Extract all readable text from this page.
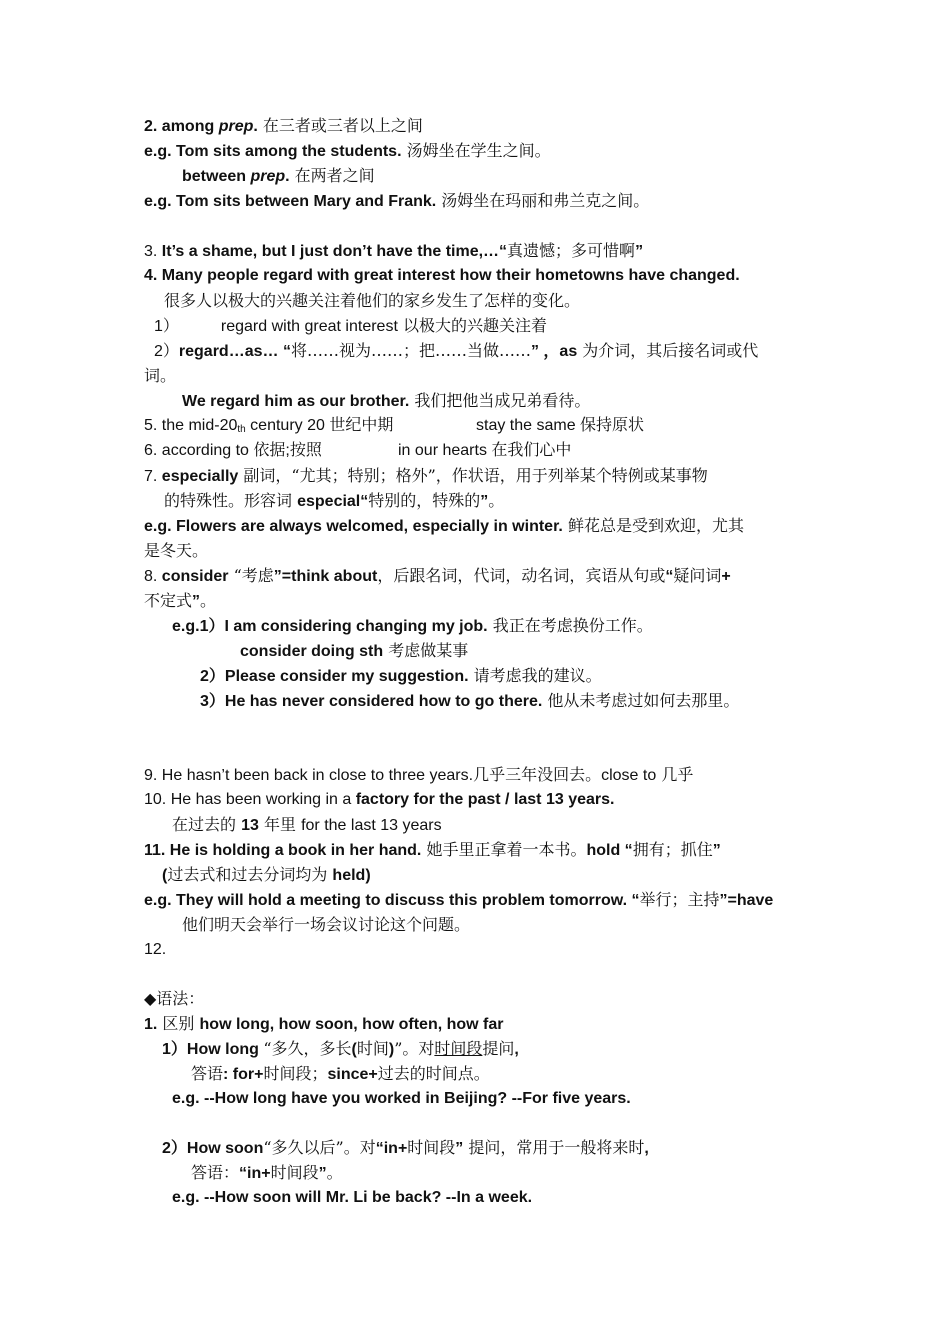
2. among prep. 在三者或三者以上之间
e.g. Tom sits among the students. 汤姆坐在学生之间。
between prep. 在两者之间
e.g. Tom sits between Mary and Frank. 汤姆坐在玛丽和弗兰克之间。
3. It’s a shame, but I just don’t have the time,…“真遗憾；多可惜啊”
4. Many people regard with great interest how their hometowns have changed.
很多人以极大的兴趣关注着他们的家乡发生了怎样的变化。
1）	regard with great interest 以极大的兴趣关注着
2）regard…as… “将……视为……；把……当做……” ，as 为介词，其后接名词或代
词。
We regard him as our brother. 我们把他当成兄弟看待。
5. the mid-20th century 20 世纪中期	stay the same 保持原状
6. according to 依据;按照	in our hearts 在我们心中
7. especially 副词，“尤其；特别；格外”，作状语，用于列举某个特例或某事物
的特殊性。形容词 especial“特别的，特殊的”。
e.g. Flowers are always welcomed, especially in winter. 鲜花总是受到欢迎，尤其
是冬天。
8. consider “考虑”=think about，后跟名词，代词，动名词，宾语从句或“疑问词+
不定式”。
e.g.1）I am considering changing my job. 我正在考虑换份工作。
consider doing sth 考虑做某事
2）Please consider my suggestion. 请考虑我的建议。
3）He has never considered how to go there. 他从未考虑过如何去那里。
9. He hasn’t been back in close to three years.几乎三年没回去。close to 几乎
10. He has been working in a factory for the past / last 13 years.
在过去的 13 年里 for the last 13 years
11. He is holding a book in her hand. 她手里正拿着一本书。hold “拥有；抓住”
(过去式和过去分词均为 held)
e.g. They will hold a meeting to discuss this problem tomorrow. “举行；主持”=have
他们明天会举行一场会议讨论这个问题。
12.
◆语法：
1. 区别 how long, how soon, how often, how far
1）How long “多久，多长(时间)”。对时间段提问,
答语: for+时间段；since+过去的时间点。
e.g. --How long have you worked in Beijing? --For five years.
2）How soon“多久以后”。对“in+时间段” 提问，常用于一般将来时,
答语：“in+时间段”。
e.g. --How soon will Mr. Li be back? --In a week.
